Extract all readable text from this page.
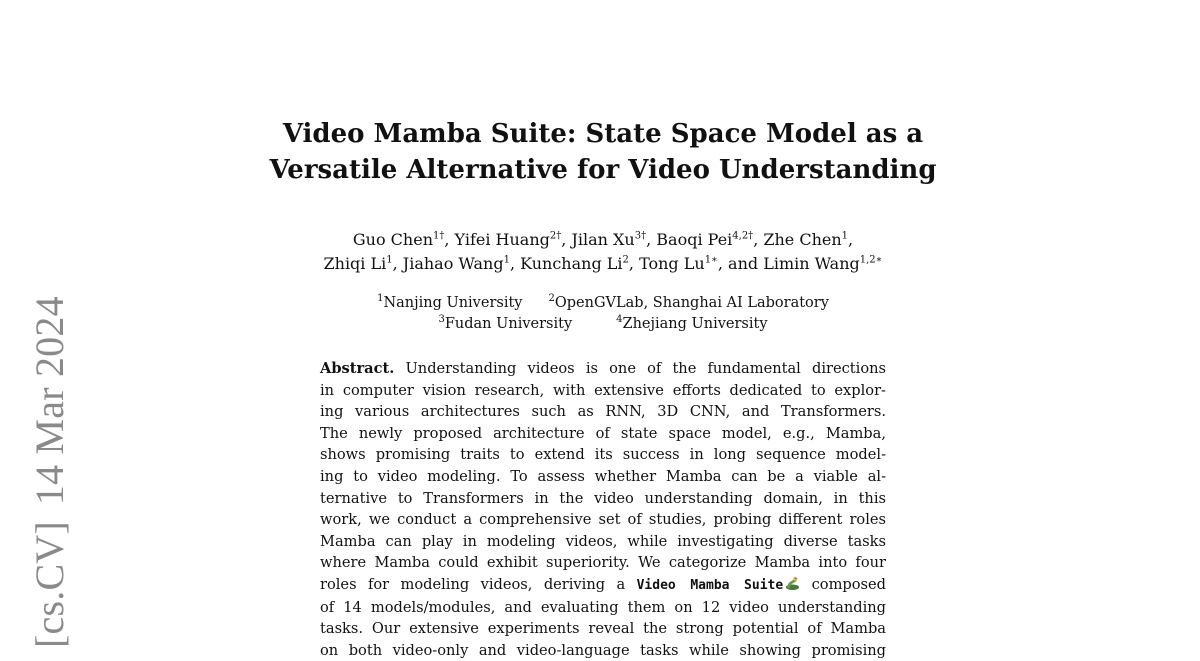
[cs.CV]14 Mar 2024
Video Mamba Suite: State Space Model as a
Versatile Alternative for Video Understanding
Guo Chen$^{1\dagger}$, Yifei Huang$^{2\dagger}$, Jilan $Xu^{3\dagger}$, Baoqi Pei$^{4,2\dagger}$, Zhe Chen$^1$,
Zhiqi Li$^1$, Jiahao Wang$^1$, Kunchang Li$^2$, Tong $Lu^{1∗}$, and Limin Wang$^{1,2∗}$
$^1$Nanjing University	$^2$OpenGVLab, Shanghai AI Laboratory
$^3$Fudan University	$^4$Zhejiang University
Abstract. Understanding videos is one of the fundamental directions
in computer vision research, with extensive efforts dedicated to explor-
ing various architectures such as RNN, 3D CNN, and Transformers.
The newly proposed architecture of state space model, e.g., Mamba,
shows promising traits to extend its success in long sequence model-
ing to video modeling. To assess whether Mamba can be a viable al-
ternative to Transformers in the video understanding domain, in this
work, we conduct a comprehensive set of studies, probing different roles
Mamba can play in modeling videos, while investigating diverse tasks
where Mamba could exhibit superiority. We categorize Mamba into four
roles for modeling videos, deriving a Video Mamba Suite composed
of 14 models/modules, and evaluating them on 12 video understanding
tasks. Our extensive experiments reveal the strong potential of Mamba
on both video-only and video-language tasks while showing promising
